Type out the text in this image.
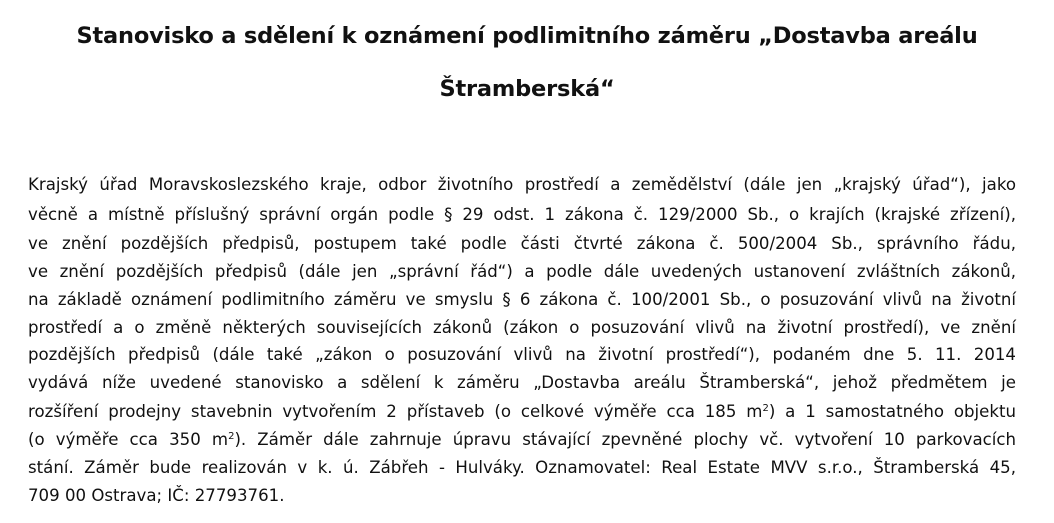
Stanovisko a sdělení k oznámení podlimitního záměru „Dostavba areálu
Štramberská“
Krajský úřad Moravskoslezského kraje, odbor životního prostředí a zemědělství (dále jen „krajský úřad“), jako
věcně a místně příslušný správní orgán podle § 29 odst. 1 zákona č. 129/2000 Sb., o krajích (krajské zřízení),
ve znění pozdějších předpisů, postupem také podle části čtvrté zákona č. 500/2004 Sb., správního řádu,
ve znění pozdějších předpisů (dále jen „správní řád“) a podle dále uvedených ustanovení zvláštních zákonů,
na základě oznámení podlimitního záměru ve smyslu § 6 zákona č. 100/2001 Sb., o posuzování vlivů na životní
prostředí a o změně některých souvisejících zákonů (zákon o posuzování vlivů na životní prostředí), ve znění
pozdějších předpisů (dále také „zákon o posuzování vlivů na životní prostředí“), podaném dne 5. 11. 2014
vydává níže uvedené stanovisko a sdělení k záměru „Dostavba areálu Štramberská“, jehož předmětem je
rozšíření prodejny stavebnin vytvořením 2 přístaveb (o celkové výměře cca 185 $m^2$) a 1 samostatného objektu
(o výměře cca 350 $m^2$). Záměr dále zahrnuje úpravu stávající zpevněné plochy vč. vytvoření 10 parkovacích
stání. Záměr bude realizován v k. ú. Zábřeh - Hulváky. Oznamovatel: Real Estate MVV s.r.o., Štramberská 45,
709 00 Ostrava; IČ: 27793761.
